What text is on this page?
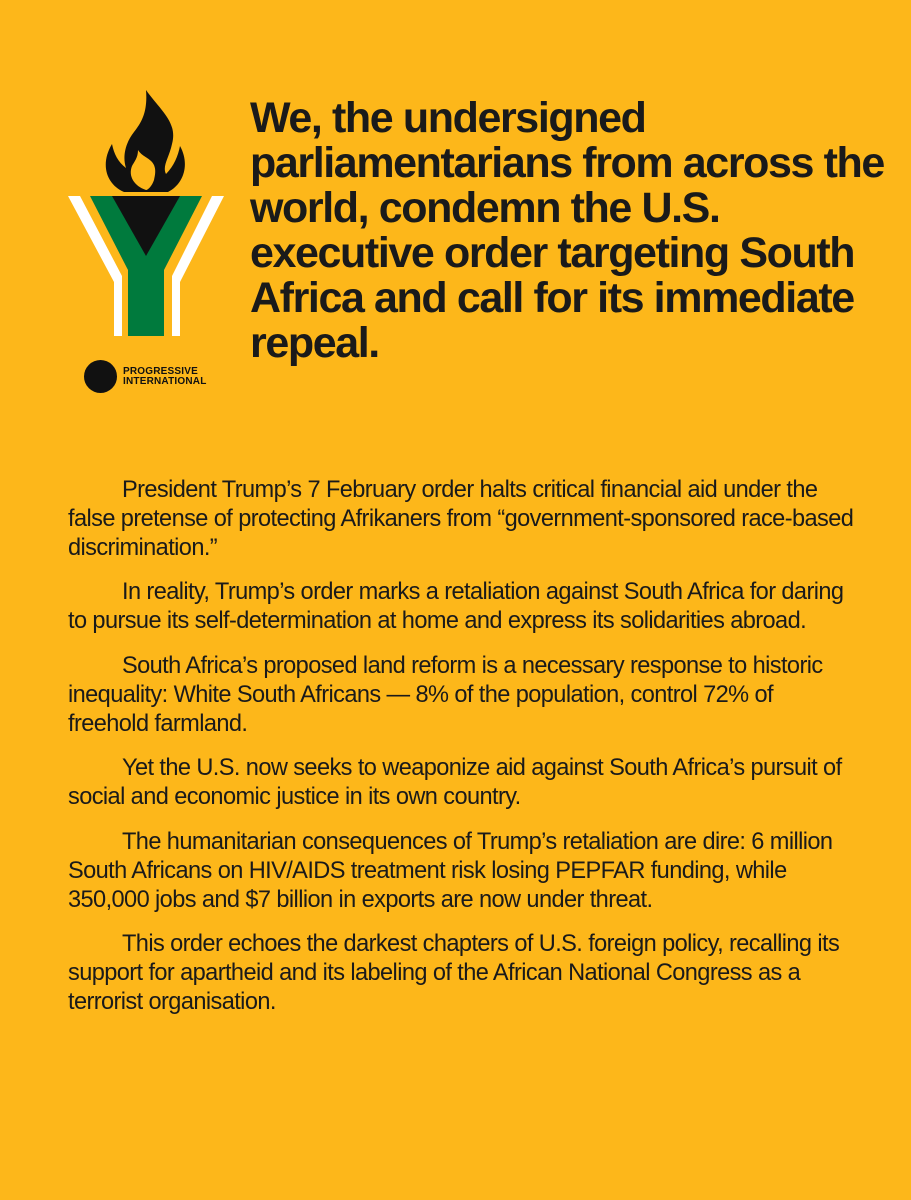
PROGRESSIVE
INTERNATIONAL
We, the undersigned parliamentarians from across the world, condemn the U.S. executive order targeting South Africa and call for its immediate repeal.

President Trump’s 7 February order halts critical financial aid under the false pretense of protecting Afrikaners from “government-sponsored race-based discrimination.”

In reality, Trump’s order marks a retaliation against South Africa for daring to pursue its self-determination at home and express its solidarities abroad.

South Africa’s proposed land reform is a necessary response to historic inequality: White South Africans — 8% of the population, control 72% of freehold farmland.

Yet the U.S. now seeks to weaponize aid against South Africa’s pursuit of social and economic justice in its own country.

The humanitarian consequences of Trump’s retaliation are dire: 6 million South Africans on HIV/AIDS treatment risk losing PEPFAR funding, while 350,000 jobs and $7 billion in exports are now under threat.

This order echoes the darkest chapters of U.S. foreign policy, recalling its support for apartheid and its labeling of the African National Congress as a terrorist organisation.
